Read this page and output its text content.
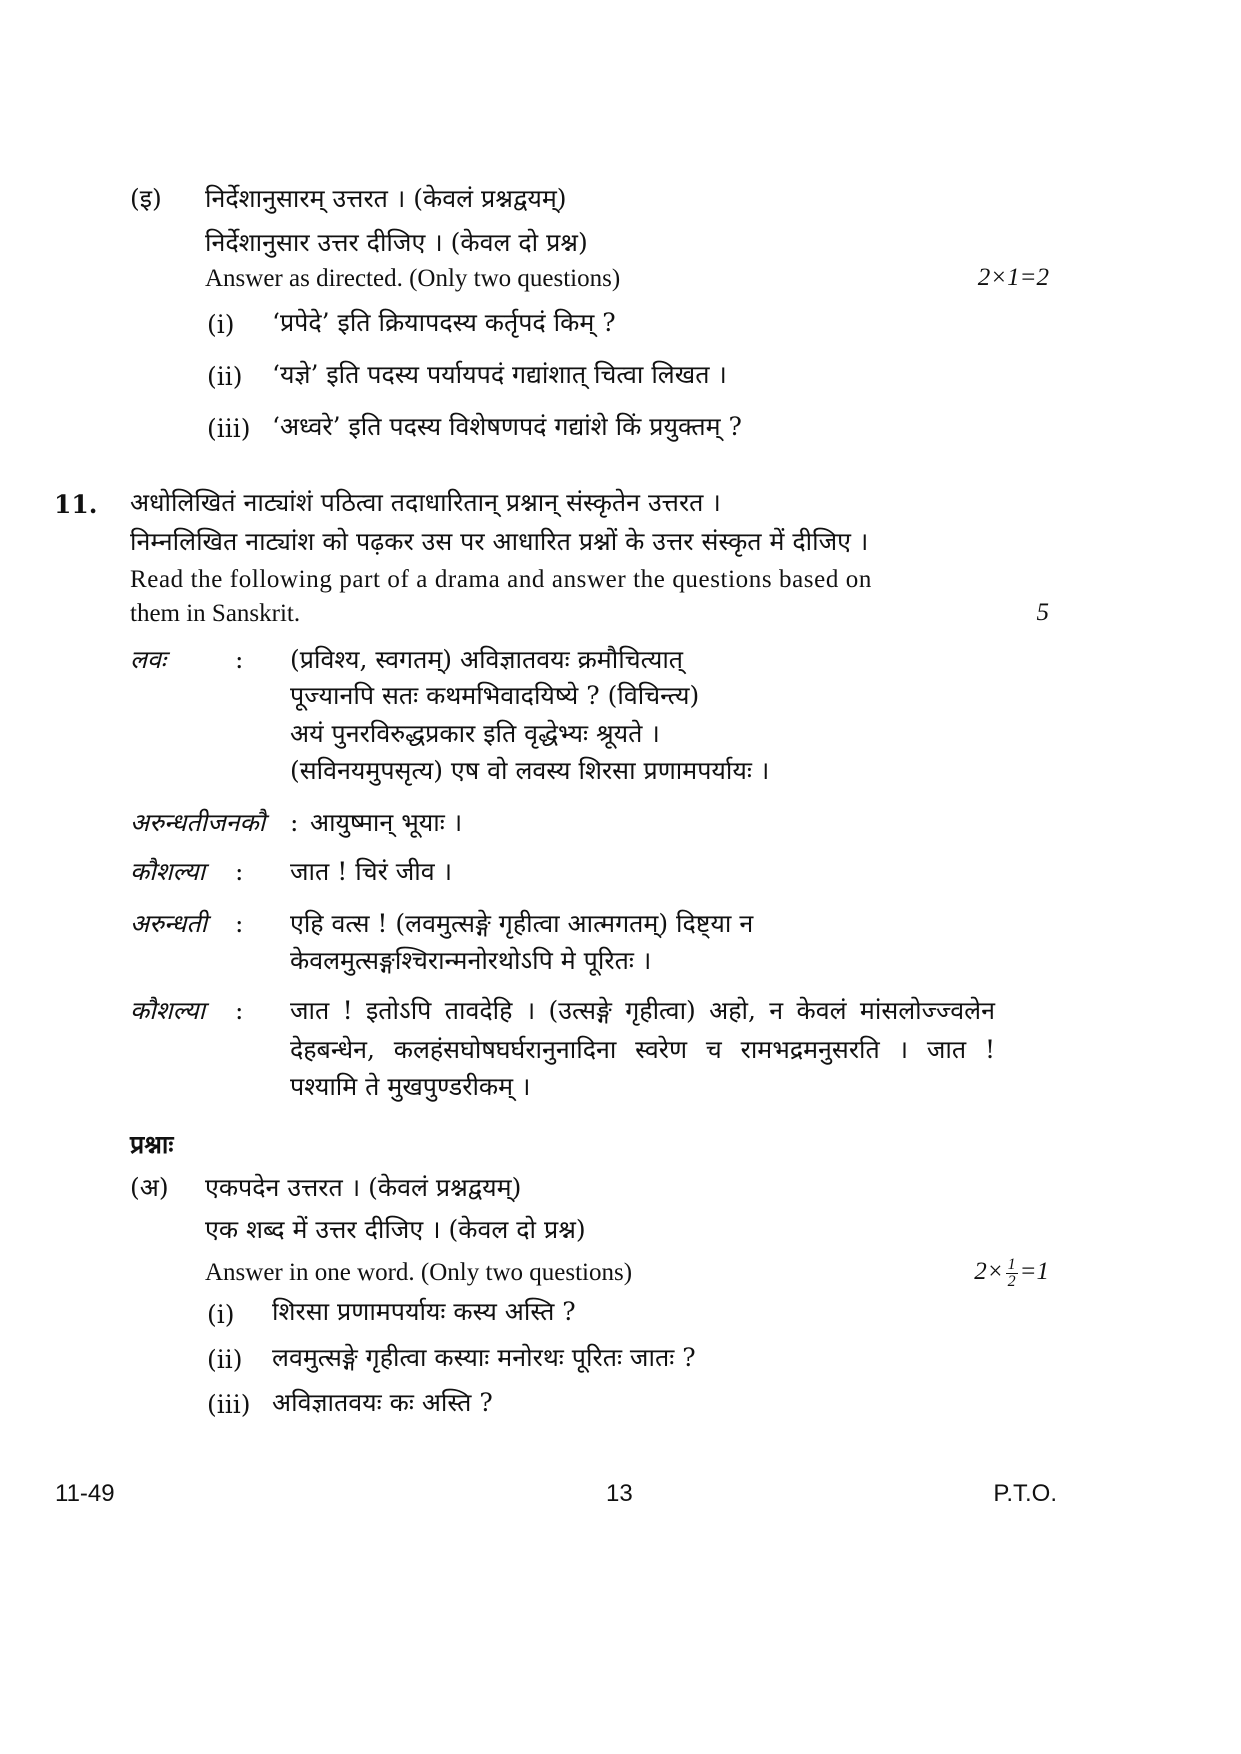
(इ) निर्देशानुसारम् उत्तरत । (केवलं प्रश्नद्वयम्)
निर्देशानुसार उत्तर दीजिए । (केवल दो प्रश्न)
Answer as directed. (Only two questions)	2×1=2
(i) ‘प्रपेदे’ इति क्रियापदस्य कर्तृपदं किम् ?
(ii) ‘यज्ञे’ इति पदस्य पर्यायपदं गद्यांशात् चित्वा लिखत ।
(iii) ‘अध्वरे’ इति पदस्य विशेषणपदं गद्यांशे किं प्रयुक्तम् ?
11. अधोलिखितं नाट्यांशं पठित्वा तदाधारितान् प्रश्नान् संस्कृतेन उत्तरत ।
निम्नलिखित नाट्यांश को पढ़कर उस पर आधारित प्रश्नों के उत्तर संस्कृत में दीजिए ।
Read the following part of a drama and answer the questions based on
them in Sanskrit.	5
लवः	: (प्रविश्य, स्वगतम्) अविज्ञातवयः क्रमौचित्यात्
पूज्यानपि सतः कथमभिवादयिष्ये ? (विचिन्त्य)
अयं पुनरविरुद्धप्रकार इति वृद्धेभ्यः श्रूयते ।
(सविनयमुपसृत्य) एष वो लवस्य शिरसा प्रणामपर्यायः ।
अरुन्धतीजनकौ : आयुष्मान् भूयाः ।
कौशल्या : जात ! चिरं जीव ।
अरुन्धती : एहि वत्स ! (लवमुत्सङ्गे गृहीत्वा आत्मगतम्) दिष्ट्या न
केवलमुत्सङ्गश्चिरान्मनोरथोऽपि मे पूरितः ।
कौशल्या : जात ! इतोऽपि तावदेहि । (उत्सङ्गे गृहीत्वा) अहो, न केवलं मांसलोज्ज्वलेन
देहबन्धेन, कलहंसघोषघर्घरानुनादिना स्वरेण च रामभद्रमनुसरति । जात !
पश्यामि ते मुखपुण्डरीकम् ।
प्रश्नाः
(अ) एकपदेन उत्तरत । (केवलं प्रश्नद्वयम्)
एक शब्द में उत्तर दीजिए । (केवल दो प्रश्न)
Answer in one word. (Only two questions)	$2\times \frac{1}{2} =1$
(i) शिरसा प्रणामपर्यायः कस्य अस्ति ?
(ii) लवमुत्सङ्गे गृहीत्वा कस्याः मनोरथः पूरितः जातः ?
(iii) अविज्ञातवयः कः अस्ति ?
11-49	13	P.T.O.
